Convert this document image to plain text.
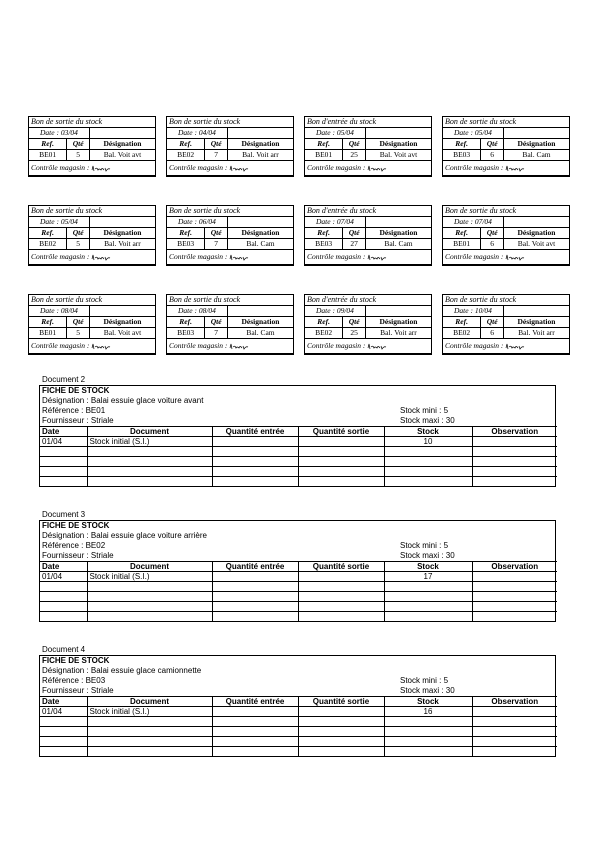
Bon de sortie du stock		
Date : 03/04		
Ref.	Qté	Désignation
BE01	5	Bal. Voit avt
Contrôle magasin :		
Bon de sortie du stock		
Date : 04/04		
Ref.	Qté	Désignation
BE02	7	Bal. Voit arr
Contrôle magasin :		
Bon d'entrée du stock		
Date : 05/04		
Ref.	Qté	Désignation
BE01	25	Bal. Voit avt
Contrôle magasin :		
Bon de sortie du stock		
Date : 05/04		
Ref.	Qté	Désignation
BE03	6	Bal. Cam
Contrôle magasin :		
Bon de sortie du stock		
Date : 05/04		
Ref.	Qté	Désignation
BE02	5	Bal. Voit arr
Contrôle magasin :		
Bon de sortie du stock		
Date : 06/04		
Ref.	Qté	Désignation
BE03	7	Bal. Cam
Contrôle magasin :		
Bon d'entrée du stock		
Date : 07/04		
Ref.	Qté	Désignation
BE03	27	Bal. Cam
Contrôle magasin :		
Bon de sortie du stock		
Date : 07/04		
Ref.	Qté	Désignation
BE01	6	Bal. Voit avt
Contrôle magasin :		
Bon de sortie du stock		
Date : 08/04		
Ref.	Qté	Désignation
BE01	5	Bal. Voit avt
Contrôle magasin :		
Bon de sortie du stock		
Date : 08/04		
Ref.	Qté	Désignation
BE03	7	Bal. Cam
Contrôle magasin :		
Bon d'entrée du stock		
Date : 09/04		
Ref.	Qté	Désignation
BE02	25	Bal. Voit arr
Contrôle magasin :		
Bon de sortie du stock		
Date : 10/04		
Ref.	Qté	Désignation
BE02	6	Bal. Voit arr
Contrôle magasin :		
Document 2
FICHE DE STOCK
Désignation : Balai essuie glace voiture avant
Référence : BE01
Fournisseur : Striale
Stock mini : 5
Stock maxi : 30
Date	Document	Quantité entrée	Quantité sortie	Stock	Observation
01/04	Stock initial (S.I.)			10	

Document 3
FICHE DE STOCK
Désignation : Balai essuie glace voiture arrière
Référence : BE02
Fournisseur : Striale
Stock mini : 5
Stock maxi : 30
Date	Document	Quantité entrée	Quantité sortie	Stock	Observation
01/04	Stock initial (S.I.)			17	

Document 4
FICHE DE STOCK
Désignation : Balai essuie glace camionnette
Référence : BE03
Fournisseur : Striale
Stock mini : 5
Stock maxi : 30
Date	Document	Quantité entrée	Quantité sortie	Stock	Observation
01/04	Stock initial (S.I.)			16	
